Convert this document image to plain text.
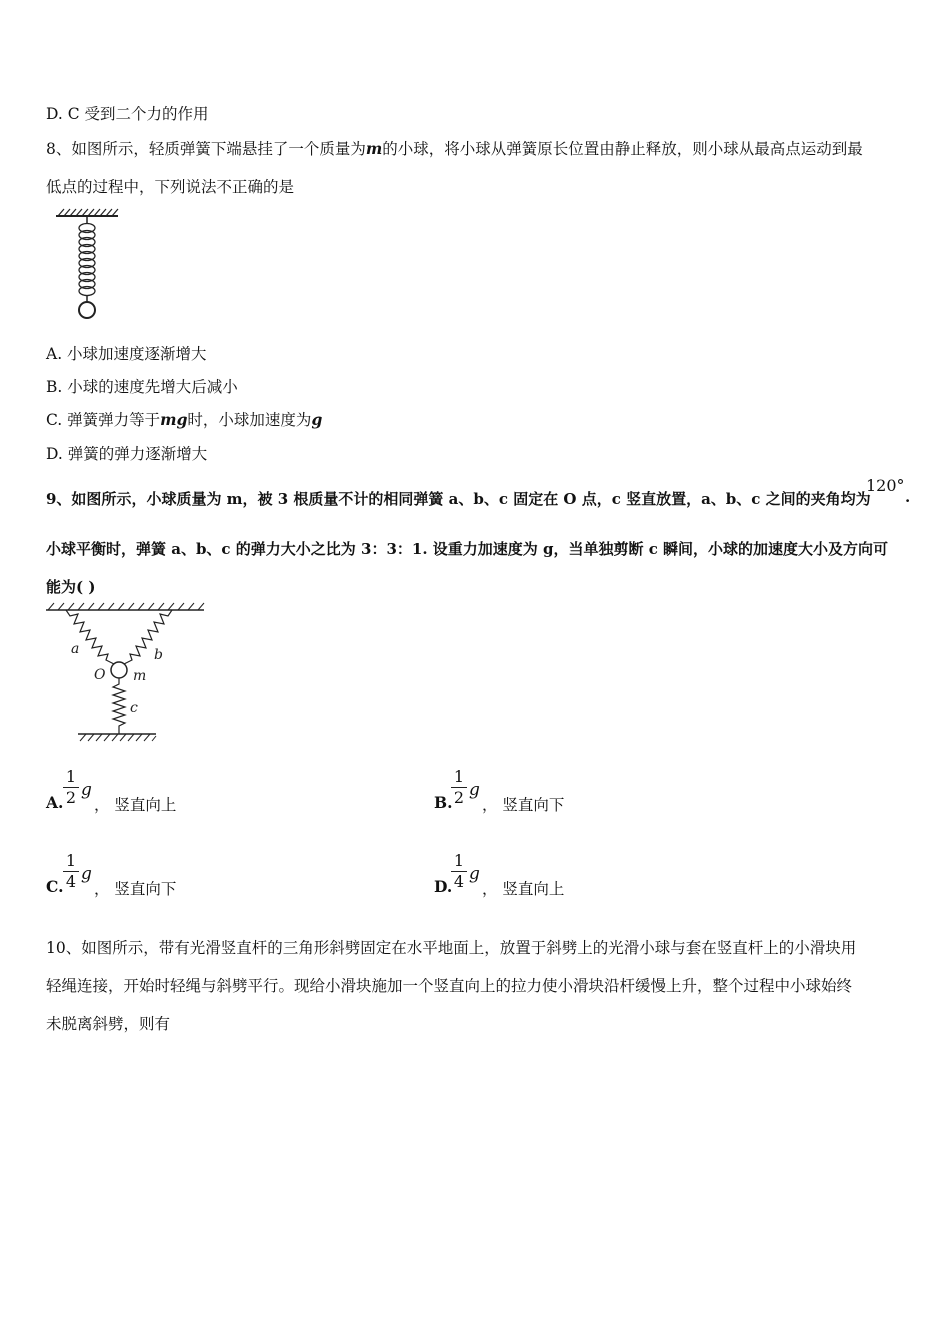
D. C 受到二个力的作用
8、如图所示，轻质弹簧下端悬挂了一个质量为m的小球，将小球从弹簧原长位置由静止释放，则小球从最高点运动到最
低点的过程中，下列说法不正确的是
A. 小球加速度逐渐增大
B. 小球的速度先增大后减小
C. 弹簧弹力等于mg时，小球加速度为g
D. 弹簧的弹力逐渐增大
9、如图所示，小球质量为 m，被 3 根质量不计的相同弹簧 a、b、c 固定在 O 点，c 竖直放置，a、b、c 之间的夹角均为
120°
.
小球平衡时，弹簧 a、b、c 的弹力大小之比为 3：3：1. 设重力加速度为 g，当单独剪断 c 瞬间，小球的加速度大小及方向可
能为( )
a	b
O m
c
A.
1
2 g
， 竖直向上	B.
1
2 g
， 竖直向下
C.
1
4 g
， 竖直向下	D.
1
4 g
， 竖直向上
10、如图所示，带有光滑竖直杆的三角形斜劈固定在水平地面上，放置于斜劈上的光滑小球与套在竖直杆上的小滑块用
轻绳连接，开始时轻绳与斜劈平行。现给小滑块施加一个竖直向上的拉力使小滑块沿杆缓慢上升，整个过程中小球始终
未脱离斜劈，则有
